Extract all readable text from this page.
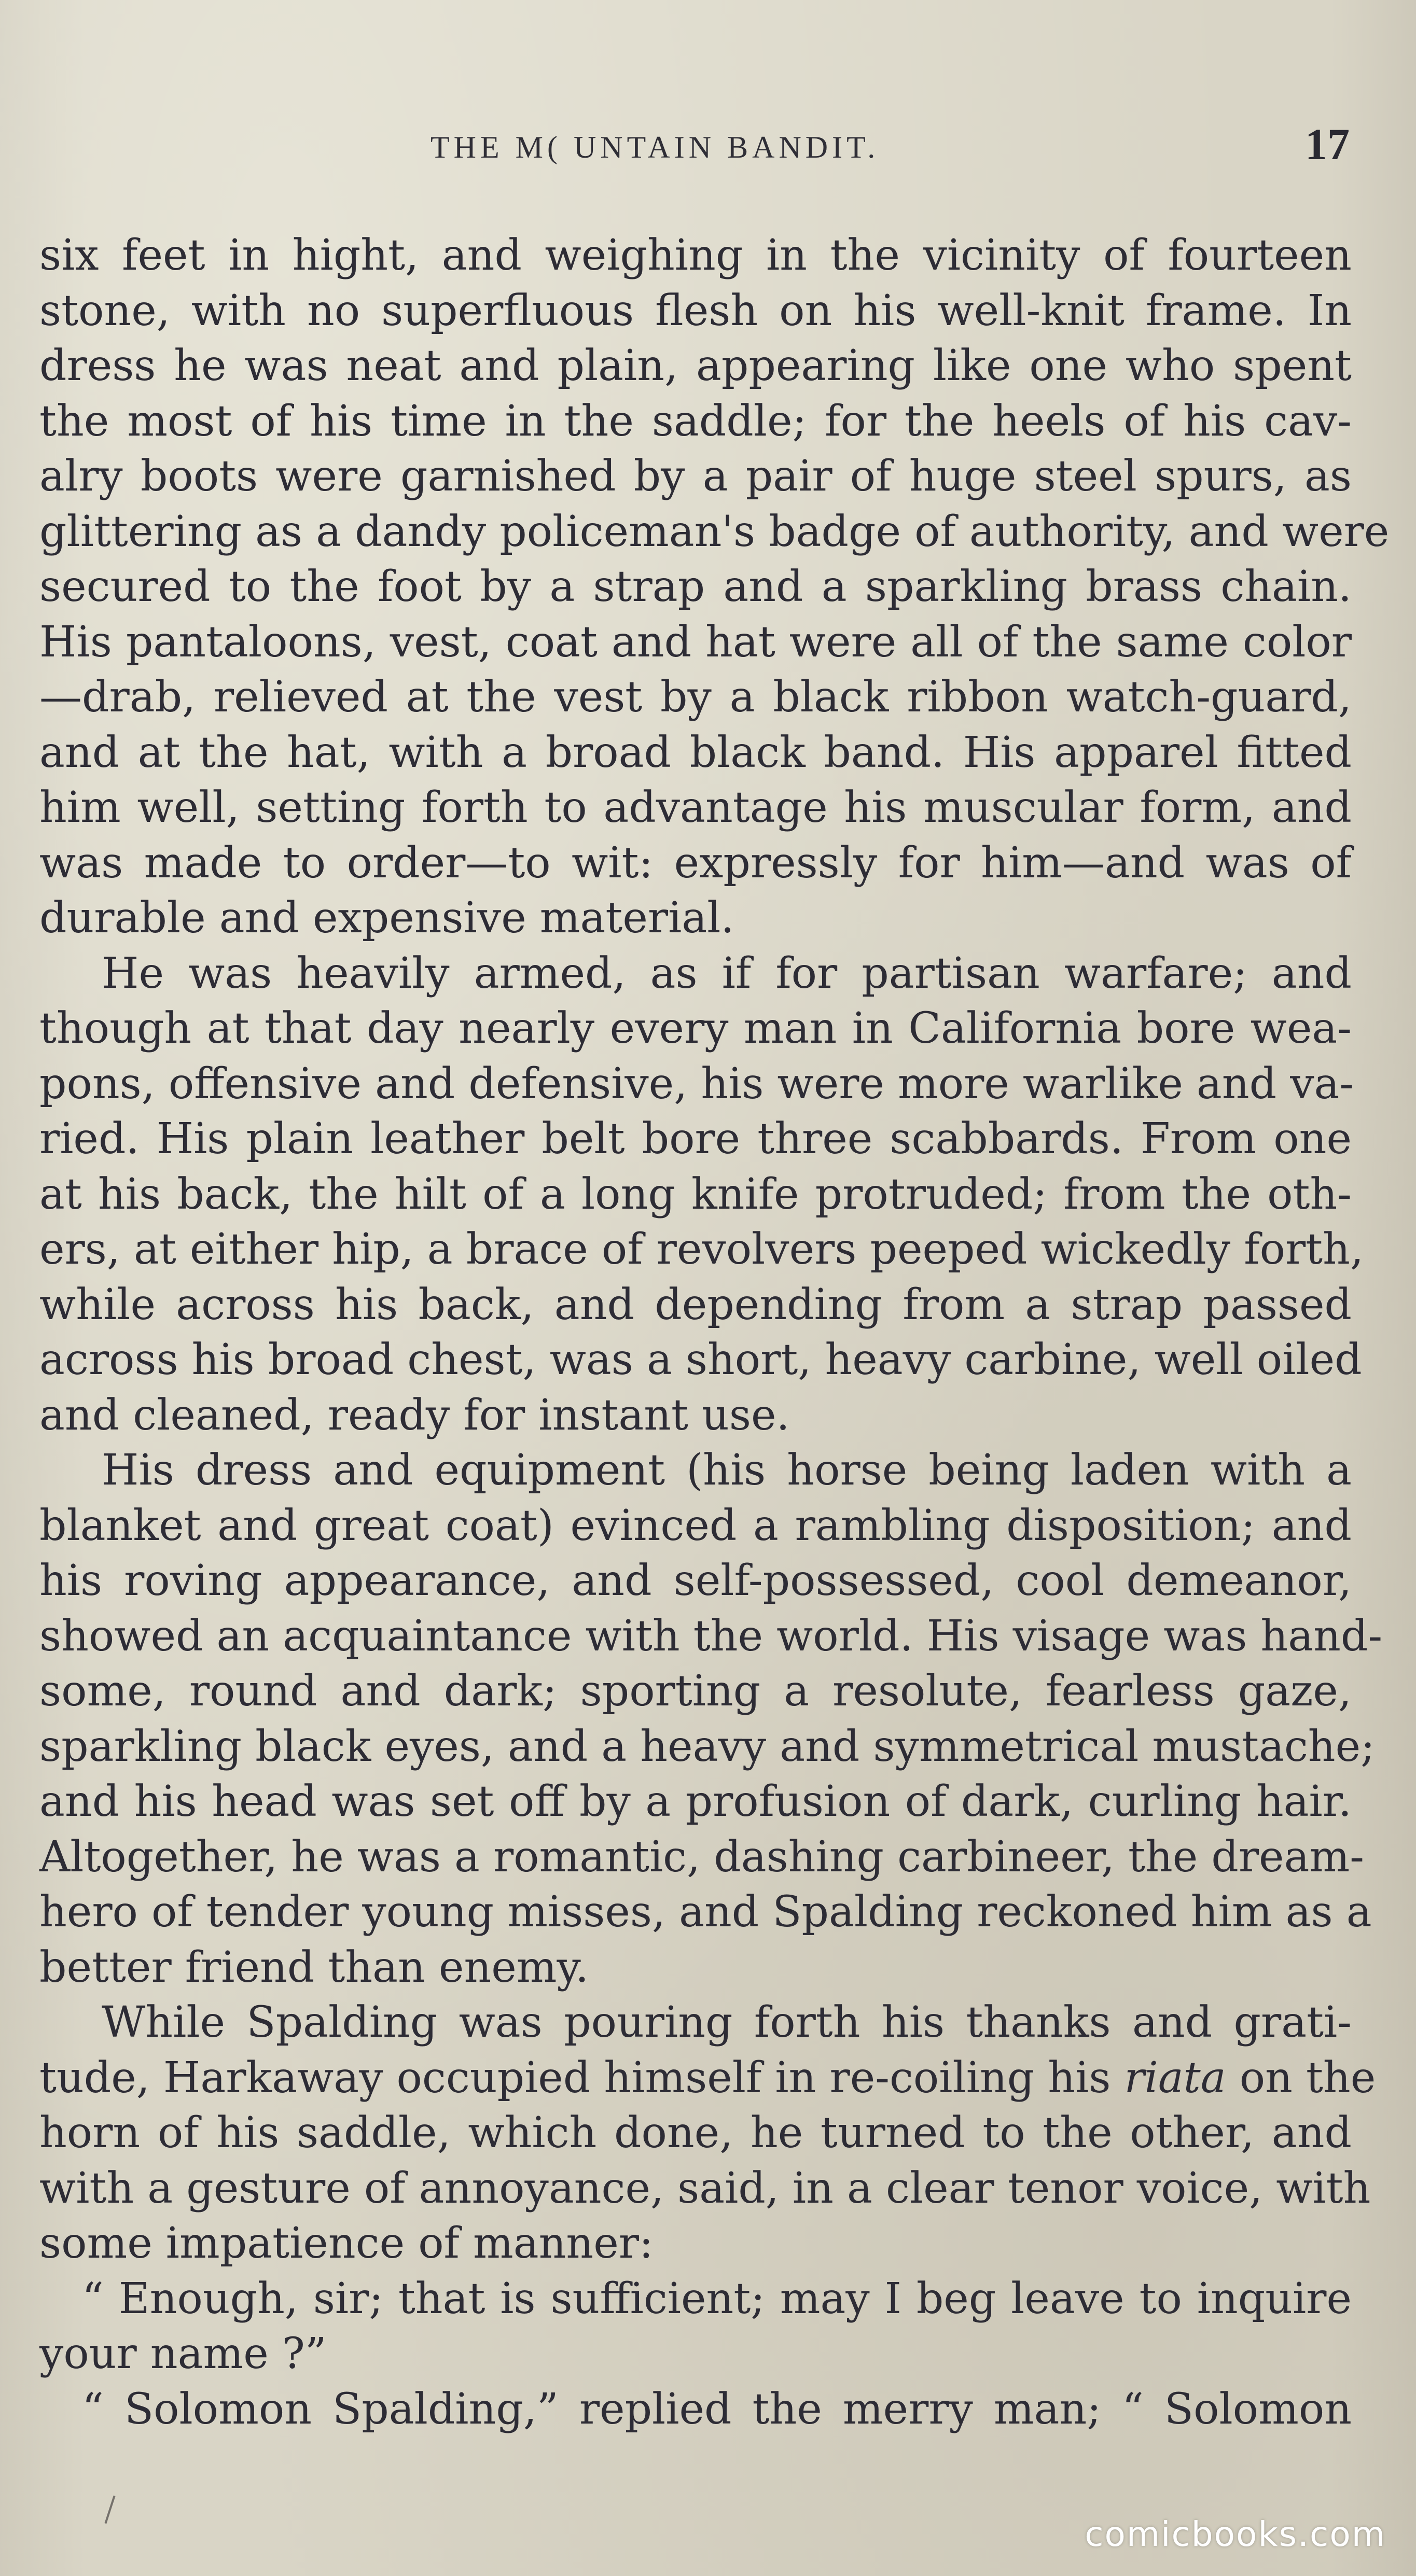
THE M( UNTAIN BANDIT.	17
six feet in hight, and weighing in the vicinity of fourteen
stone, with no superfluous flesh on his well-knit frame. In
dress he was neat and plain, appearing like one who spent
the most of his time in the saddle; for the heels of his cav-
alry boots were garnished by a pair of huge steel spurs, as
glittering as a dandy policeman's badge of authority, and were
secured to the foot by a strap and a sparkling brass chain.
His pantaloons, vest, coat and hat were all of the same color
—drab, relieved at the vest by a black ribbon watch-guard,
and at the hat, with a broad black band. His apparel fitted
him well, setting forth to advantage his muscular form, and
was made to order—to wit: expressly for him—and was of
durable and expensive material.
He was heavily armed, as if for partisan warfare; and
though at that day nearly every man in California bore wea-
pons, offensive and defensive, his were more warlike and va-
ried. His plain leather belt bore three scabbards. From one
at his back, the hilt of a long knife protruded; from the oth-
ers, at either hip, a brace of revolvers peeped wickedly forth,
while across his back, and depending from a strap passed
across his broad chest, was a short, heavy carbine, well oiled
and cleaned, ready for instant use.
His dress and equipment (his horse being laden with a
blanket and great coat) evinced a rambling disposition; and
his roving appearance, and self-possessed, cool demeanor,
showed an acquaintance with the world. His visage was hand-
some, round and dark; sporting a resolute, fearless gaze,
sparkling black eyes, and a heavy and symmetrical mustache;
and his head was set off by a profusion of dark, curling hair.
Altogether, he was a romantic, dashing carbineer, the dream-
hero of tender young misses, and Spalding reckoned him as a
better friend than enemy.
While Spalding was pouring forth his thanks and grati-
tude, Harkaway occupied himself in re-coiling his riata on the
horn of his saddle, which done, he turned to the other, and
with a gesture of annoyance, said, in a clear tenor voice, with
some impatience of manner:
“ Enough, sir; that is sufficient; may I beg leave to inquire
your name ?”
“ Solomon Spalding,” replied the merry man; “ Solomon
comicbooks.com
